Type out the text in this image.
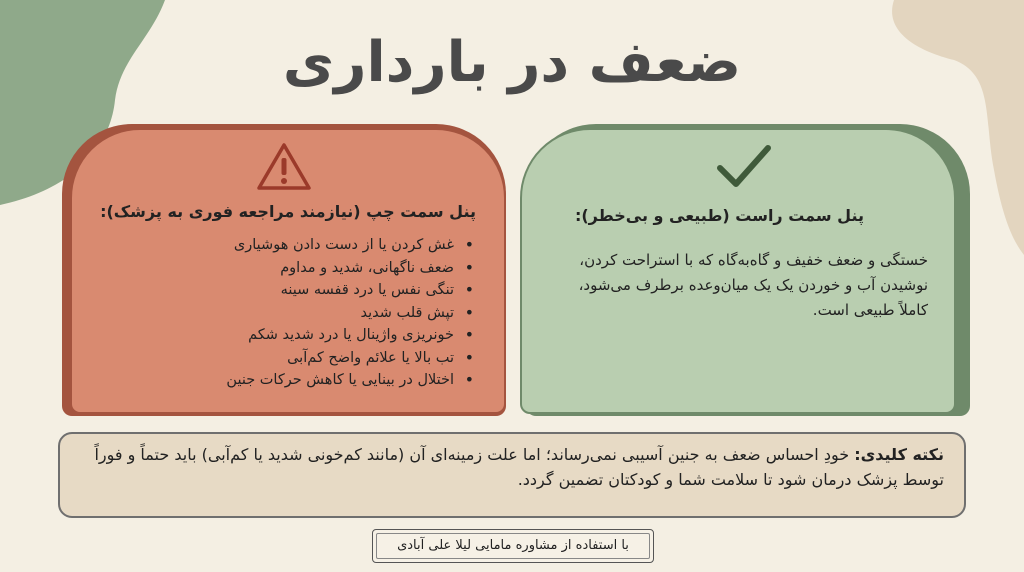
ضعف در بارداری
پنل سمت چپ (نیازمند مراجعه فوری به پزشک):
• غش کردن یا از دست دادن هوشیاری
• ضعف ناگهانی، شدید و مداوم
• تنگی نفس یا درد قفسه سینه
• تپش قلب شدید
• خونریزی واژینال یا درد شدید شکم
• تب بالا یا علائم واضح کم‌آبی
• اختلال در بینایی یا کاهش حرکات جنین
پنل سمت راست (طبیعی و بی‌خطر):

خستگی و ضعف خفیف و گاه‌به‌گاه که با استراحت کردن، نوشیدن آب و خوردن یک یک میان‌وعده برطرف می‌شود، کاملاً طبیعی است.

نکته کلیدی: خودِ احساس ضعف به جنین آسیبی نمی‌رساند؛ اما علت زمینه‌ای آن (مانند کم‌خونی شدید یا کم‌آبی) باید حتماً و فوراً توسط پزشک درمان شود تا سلامت شما و کودکتان تضمین گردد.
با استفاده از مشاوره مامایی لیلا علی آبادی
